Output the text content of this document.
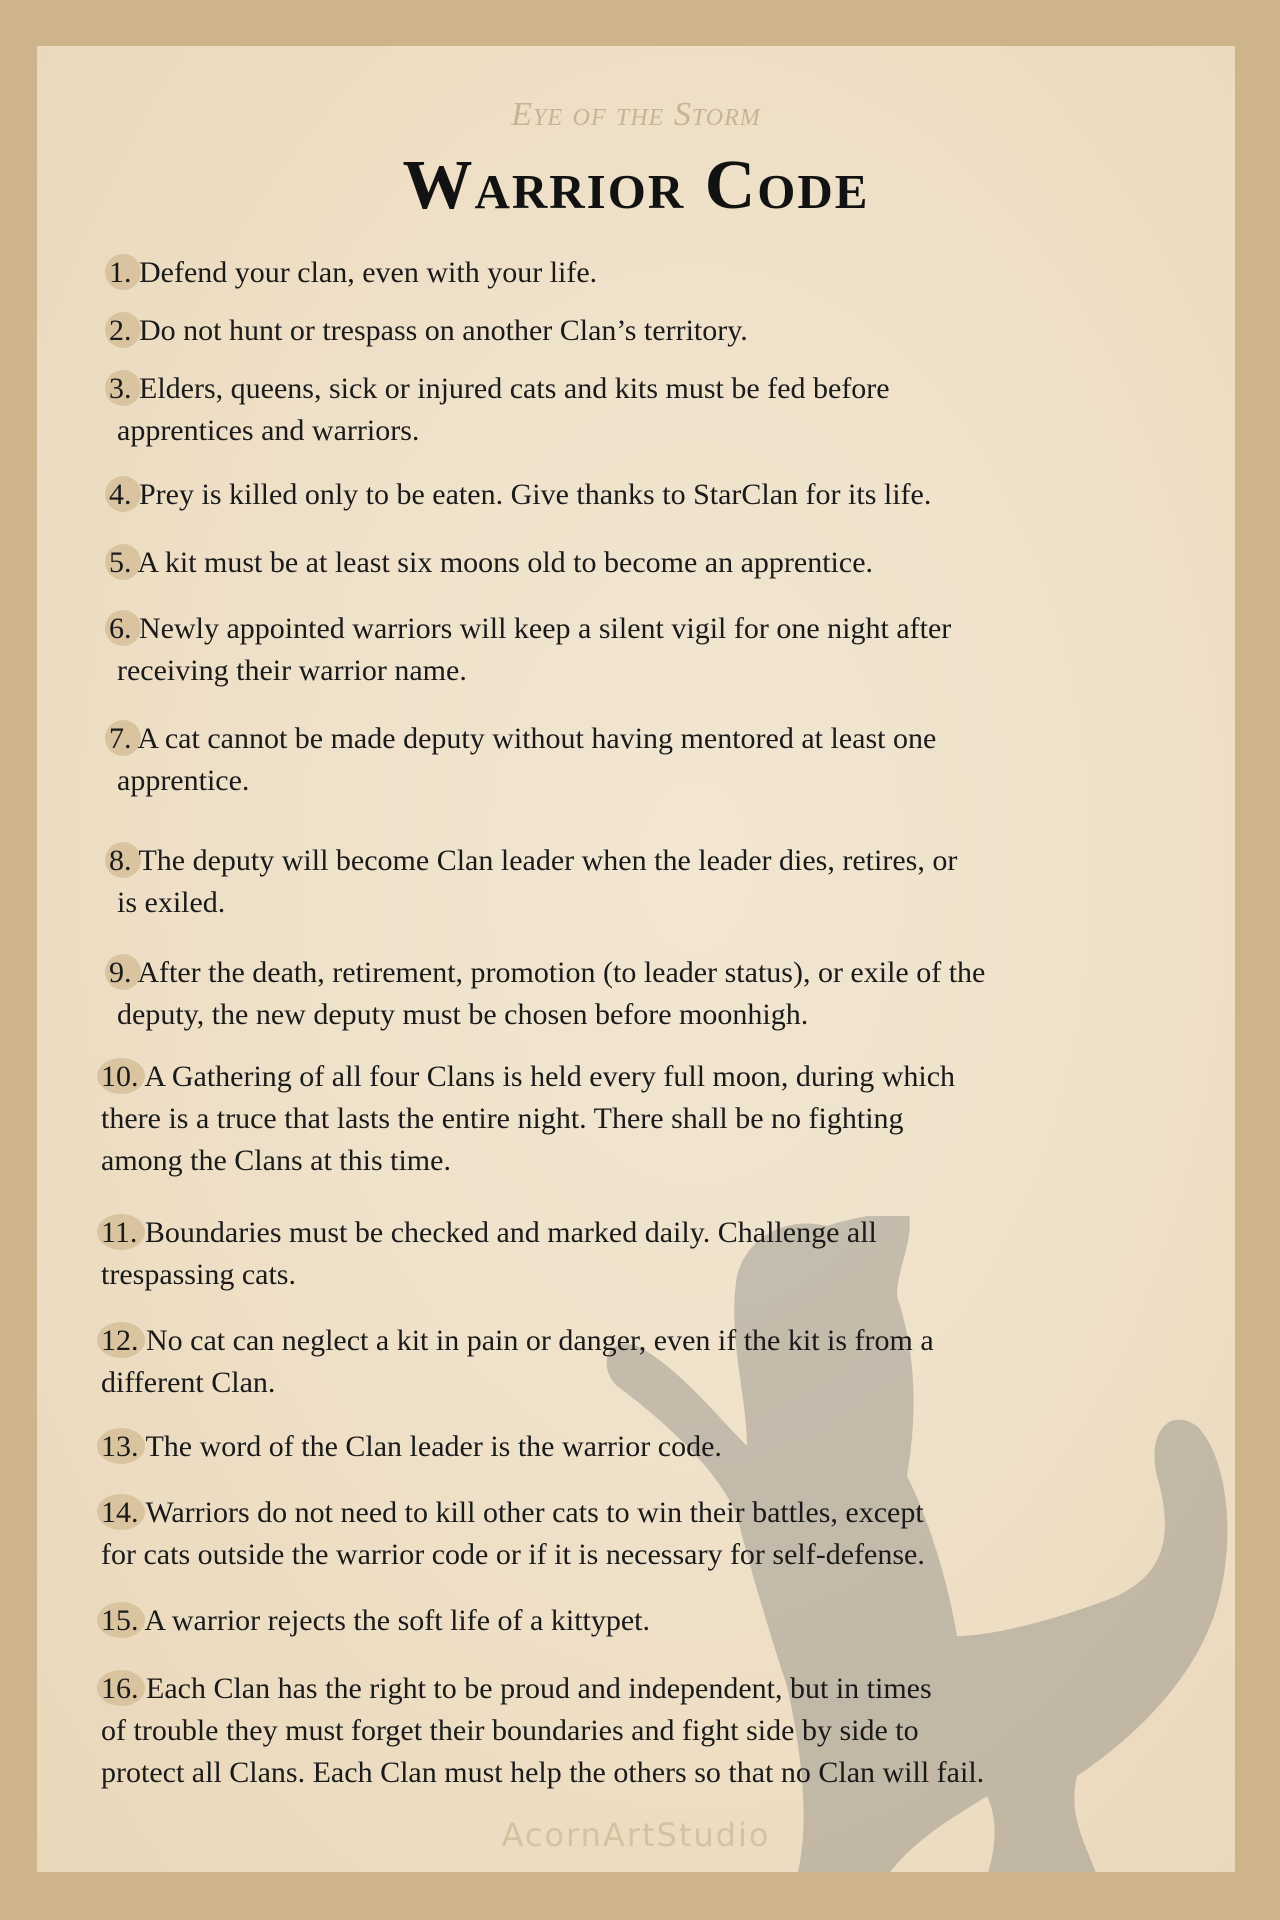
Eye of the Storm
Warrior Code
1. Defend your clan, even with your life.
2. Do not hunt or trespass on another Clan’s territory.
3. Elders, queens, sick or injured cats and kits must be fed before
apprentices and warriors.
4. Prey is killed only to be eaten. Give thanks to StarClan for its life.
5. A kit must be at least six moons old to become an apprentice.
6. Newly appointed warriors will keep a silent vigil for one night after
receiving their warrior name.
7. A cat cannot be made deputy without having mentored at least one
apprentice.
8. The deputy will become Clan leader when the leader dies, retires, or
is exiled.
9. After the death, retirement, promotion (to leader status), or exile of the
deputy, the new deputy must be chosen before moonhigh.
10. A Gathering of all four Clans is held every full moon, during which
there is a truce that lasts the entire night. There shall be no fighting
among the Clans at this time.
11. Boundaries must be checked and marked daily. Challenge all
trespassing cats.
12. No cat can neglect a kit in pain or danger, even if the kit is from a
different Clan.
13. The word of the Clan leader is the warrior code.
14. Warriors do not need to kill other cats to win their battles, except
for cats outside the warrior code or if it is necessary for self-defense.
15. A warrior rejects the soft life of a kittypet.
16. Each Clan has the right to be proud and independent, but in times
of trouble they must forget their boundaries and fight side by side to
protect all Clans. Each Clan must help the others so that no Clan will fail.
AcornArtStudio
